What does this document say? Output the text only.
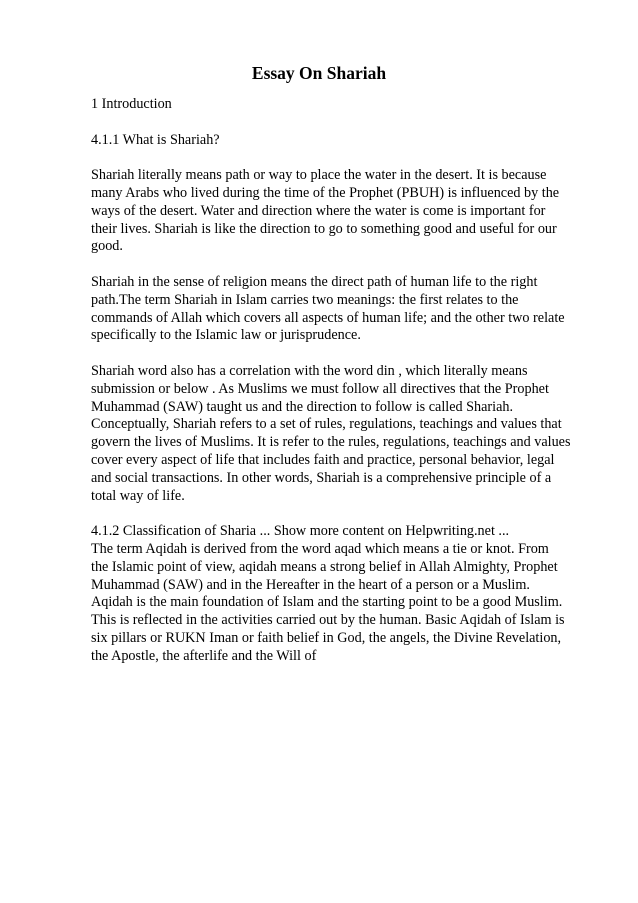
Essay On Shariah

1 Introduction

4.1.1 What is Shariah?

Shariah literally means path or way to place the water in the desert. It is because
many Arabs who lived during the time of the Prophet (PBUH) is influenced by the
ways of the desert. Water and direction where the water is come is important for
their lives. Shariah is like the direction to go to something good and useful for our
good.

Shariah in the sense of religion means the direct path of human life to the right
path.The term Shariah in Islam carries two meanings: the first relates to the
commands of Allah which covers all aspects of human life; and the other two relate
specifically to the Islamic law or jurisprudence.

Shariah word also has a correlation with the word din , which literally means
submission or below . As Muslims we must follow all directives that the Prophet
Muhammad (SAW) taught us and the direction to follow is called Shariah.
Conceptually, Shariah refers to a set of rules, regulations, teachings and values that
govern the lives of Muslims. It is refer to the rules, regulations, teachings and values
cover every aspect of life that includes faith and practice, personal behavior, legal
and social transactions. In other words, Shariah is a comprehensive principle of a
total way of life.

4.1.2 Classification of Sharia ... Show more content on Helpwriting.net ...
The term Aqidah is derived from the word aqad which means a tie or knot. From
the Islamic point of view, aqidah means a strong belief in Allah Almighty, Prophet
Muhammad (SAW) and in the Hereafter in the heart of a person or a Muslim.
Aqidah is the main foundation of Islam and the starting point to be a good Muslim.
This is reflected in the activities carried out by the human. Basic Aqidah of Islam is
six pillars or RUKN Iman or faith belief in God, the angels, the Divine Revelation,
the Apostle, the afterlife and the Will of
